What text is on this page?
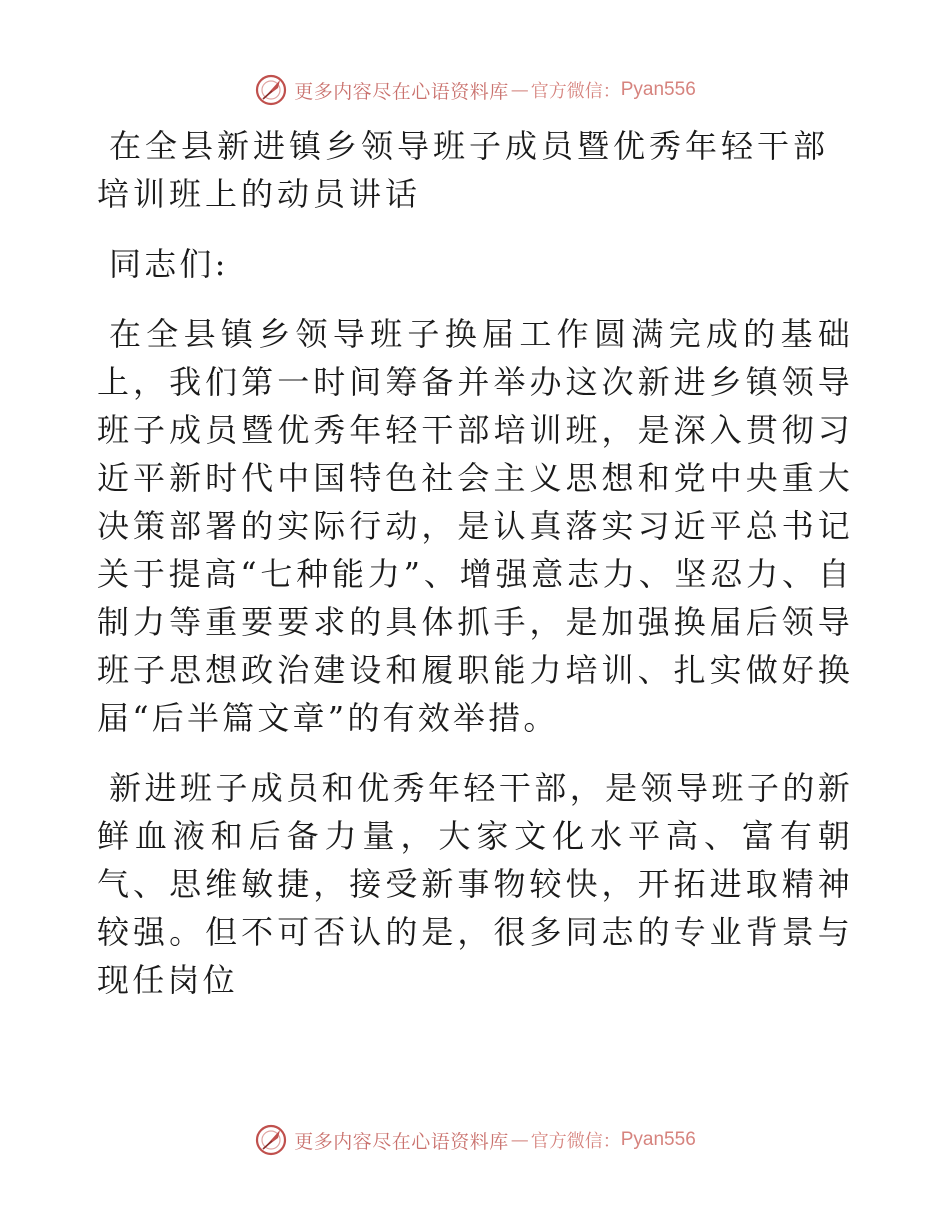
更多内容尽在心语资料库 — 官方微信： Pyan556
在全县新进镇乡领导班子成员暨优秀年轻干部培训班上的动员讲话

同志们:

在全县镇乡领导班子换届工作圆满完成的基础上，我们第一时间筹备并举办这次新进乡镇领导班子成员暨优秀年轻干部培训班，是深入贯彻习近平新时代中国特色社会主义思想和党中央重大决策部署的实际行动，是认真落实习近平总书记关于提高“七种能力”、增强意志力、坚忍力、自制力等重要要求的具体抓手，是加强换届后领导班子思想政治建设和履职能力培训、扎实做好换届“后半篇文章”的有效举措。

新进班子成员和优秀年轻干部，是领导班子的新鲜血液和后备力量，大家文化水平高、富有朝气、思维敏捷，接受新事物较快，开拓进取精神较强。但不可否认的是，很多同志的专业背景与现任岗位

更多内容尽在心语资料库 — 官方微信： Pyan556
